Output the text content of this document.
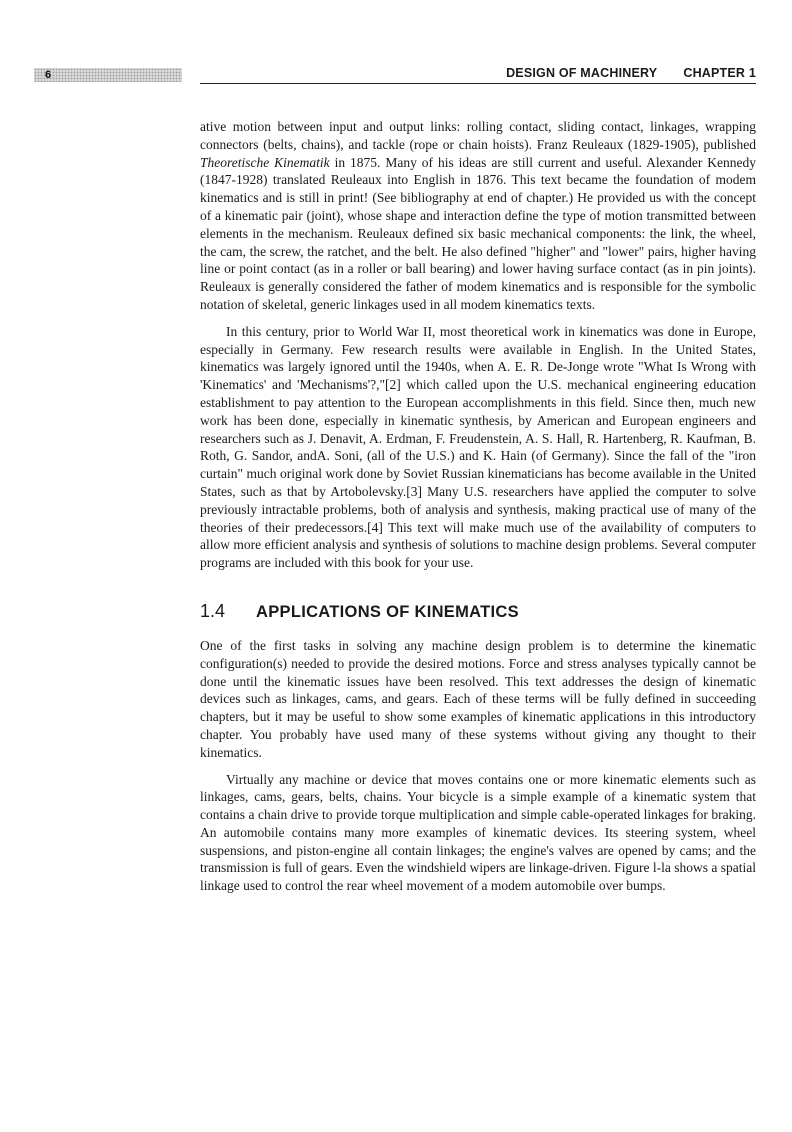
6	DESIGN OF MACHINERY CHAPTER 1

ative motion between input and output links: rolling contact, sliding contact, linkages, wrapping connectors (belts, chains), and tackle (rope or chain hoists). Franz Reuleaux (1829-1905), published Theoretische Kinematik in 1875. Many of his ideas are still current and useful. Alexander Kennedy (1847-1928) translated Reuleaux into English in 1876. This text became the foundation of modem kinematics and is still in print! (See bibliography at end of chapter.) He provided us with the concept of a kinematic pair (joint), whose shape and interaction define the type of motion transmitted between elements in the mechanism. Reuleaux defined six basic mechanical components: the link, the wheel, the cam, the screw, the ratchet, and the belt. He also defined "higher" and "lower" pairs, higher having line or point contact (as in a roller or ball bearing) and lower having surface contact (as in pin joints). Reuleaux is generally considered the father of modem kinematics and is responsible for the symbolic notation of skeletal, generic linkages used in all modem kinematics texts.

In this century, prior to World War II, most theoretical work in kinematics was done in Europe, especially in Germany. Few research results were available in English. In the United States, kinematics was largely ignored until the 1940s, when A. E. R. De-Jonge wrote "What Is Wrong with 'Kinematics' and 'Mechanisms'?,"[2] which called upon the U.S. mechanical engineering education establishment to pay attention to the European accomplishments in this field. Since then, much new work has been done, especially in kinematic synthesis, by American and European engineers and researchers such as J. Denavit, A. Erdman, F. Freudenstein, A. S. Hall, R. Hartenberg, R. Kaufman, B. Roth, G. Sandor, andA. Soni, (all of the U.S.) and K. Hain (of Germany). Since the fall of the "iron curtain" much original work done by Soviet Russian kinematicians has become available in the United States, such as that by Artobolevsky.[3] Many U.S. researchers have applied the computer to solve previously intractable problems, both of analysis and synthesis, making practical use of many of the theories of their predecessors.[4] This text will make much use of the availability of computers to allow more efficient analysis and synthesis of solutions to machine design problems. Several computer programs are included with this book for your use.

1.4	APPLICATIONS OF KINEMATICS

One of the first tasks in solving any machine design problem is to determine the kinematic configuration(s) needed to provide the desired motions. Force and stress analyses typically cannot be done until the kinematic issues have been resolved. This text addresses the design of kinematic devices such as linkages, cams, and gears. Each of these terms will be fully defined in succeeding chapters, but it may be useful to show some examples of kinematic applications in this introductory chapter. You probably have used many of these systems without giving any thought to their kinematics.

Virtually any machine or device that moves contains one or more kinematic elements such as linkages, cams, gears, belts, chains. Your bicycle is a simple example of a kinematic system that contains a chain drive to provide torque multiplication and simple cable-operated linkages for braking. An automobile contains many more examples of kinematic devices. Its steering system, wheel suspensions, and piston-engine all contain linkages; the engine's valves are opened by cams; and the transmission is full of gears. Even the windshield wipers are linkage-driven. Figure l-la shows a spatial linkage used to control the rear wheel movement of a modem automobile over bumps.
